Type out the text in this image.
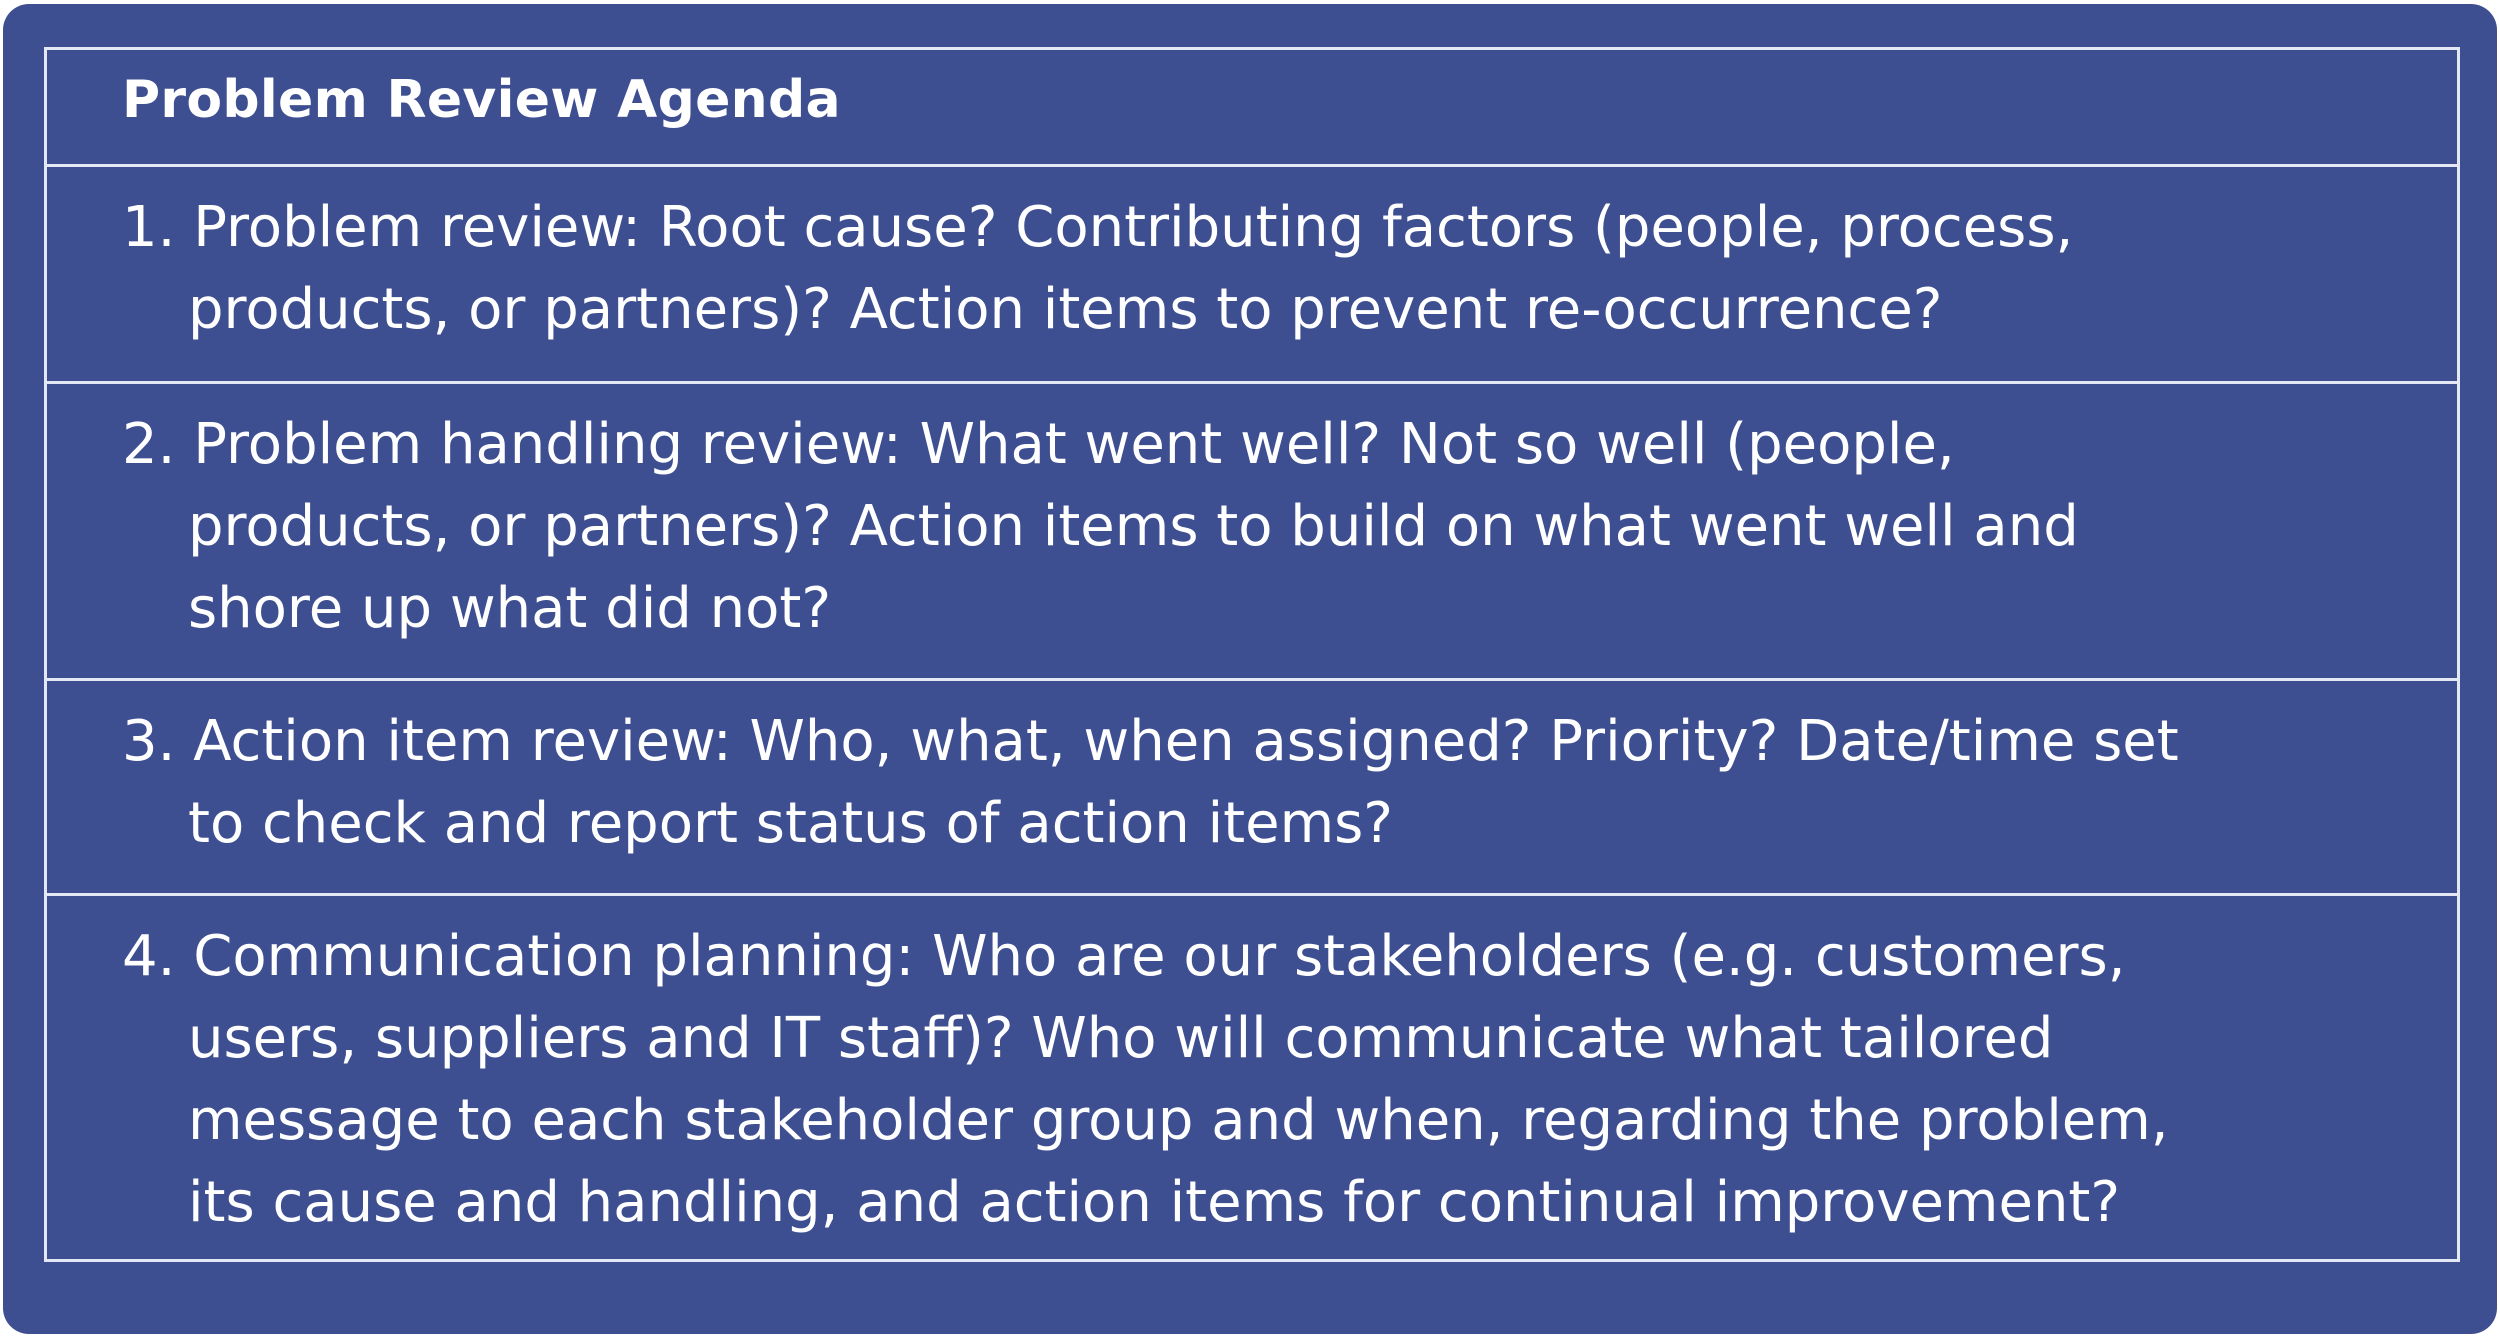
Problem Review Agenda
1. Problem review: Root cause? Contributing factors (people, process,
products, or partners)? Action items to prevent re-occurrence?
2. Problem handling review: What went well? Not so well (people,
products, or partners)? Action items to build on what went well and
shore up what did not?
3. Action item review: Who, what, when assigned? Priority? Date/time set
to check and report status of action items?
4. Communication planning: Who are our stakeholders (e.g. customers,
users, suppliers and IT staff)? Who will communicate what tailored
message to each stakeholder group and when, regarding the problem,
its cause and handling, and action items for continual improvement?
